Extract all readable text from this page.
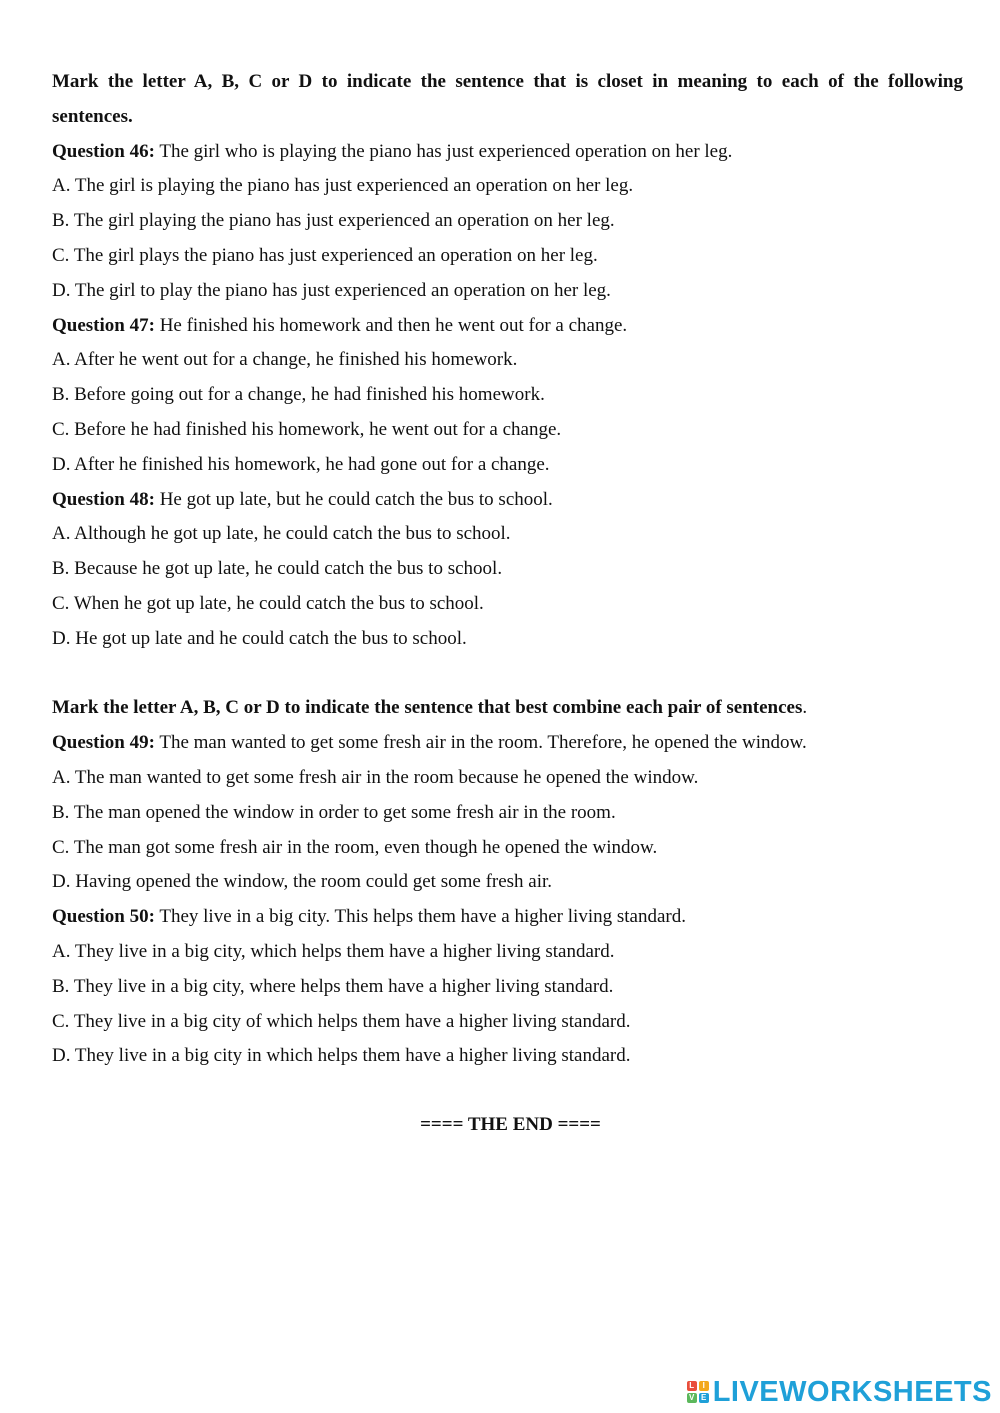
Mark the letter A, B, C or D to indicate the sentence that is closet in meaning to each of the following
sentences.
Question 46: The girl who is playing the piano has just experienced operation on her leg.
A. The girl is playing the piano has just experienced an operation on her leg.
B. The girl playing the piano has just experienced an operation on her leg.
C. The girl plays the piano has just experienced an operation on her leg.
D. The girl to play the piano has just experienced an operation on her leg.
Question 47: He finished his homework and then he went out for a change.
A. After he went out for a change, he finished his homework.
B. Before going out for a change, he had finished his homework.
C. Before he had finished his homework, he went out for a change.
D. After he finished his homework, he had gone out for a change.
Question 48: He got up late, but he could catch the bus to school.
A. Although he got up late, he could catch the bus to school.
B. Because he got up late, he could catch the bus to school.
C. When he got up late, he could catch the bus to school.
D. He got up late and he could catch the bus to school.
Mark the letter A, B, C or D to indicate the sentence that best combine each pair of sentences.
Question 49: The man wanted to get some fresh air in the room. Therefore, he opened the window.
A. The man wanted to get some fresh air in the room because he opened the window.
B. The man opened the window in order to get some fresh air in the room.
C. The man got some fresh air in the room, even though he opened the window.
D. Having opened the window, the room could get some fresh air.
Question 50: They live in a big city. This helps them have a higher living standard.
A. They live in a big city, which helps them have a higher living standard.
B. They live in a big city, where helps them have a higher living standard.
C. They live in a big city of which helps them have a higher living standard.
D. They live in a big city in which helps them have a higher living standard.
==== THE END ====
L	I
V E LIVEWORKSHEETS
